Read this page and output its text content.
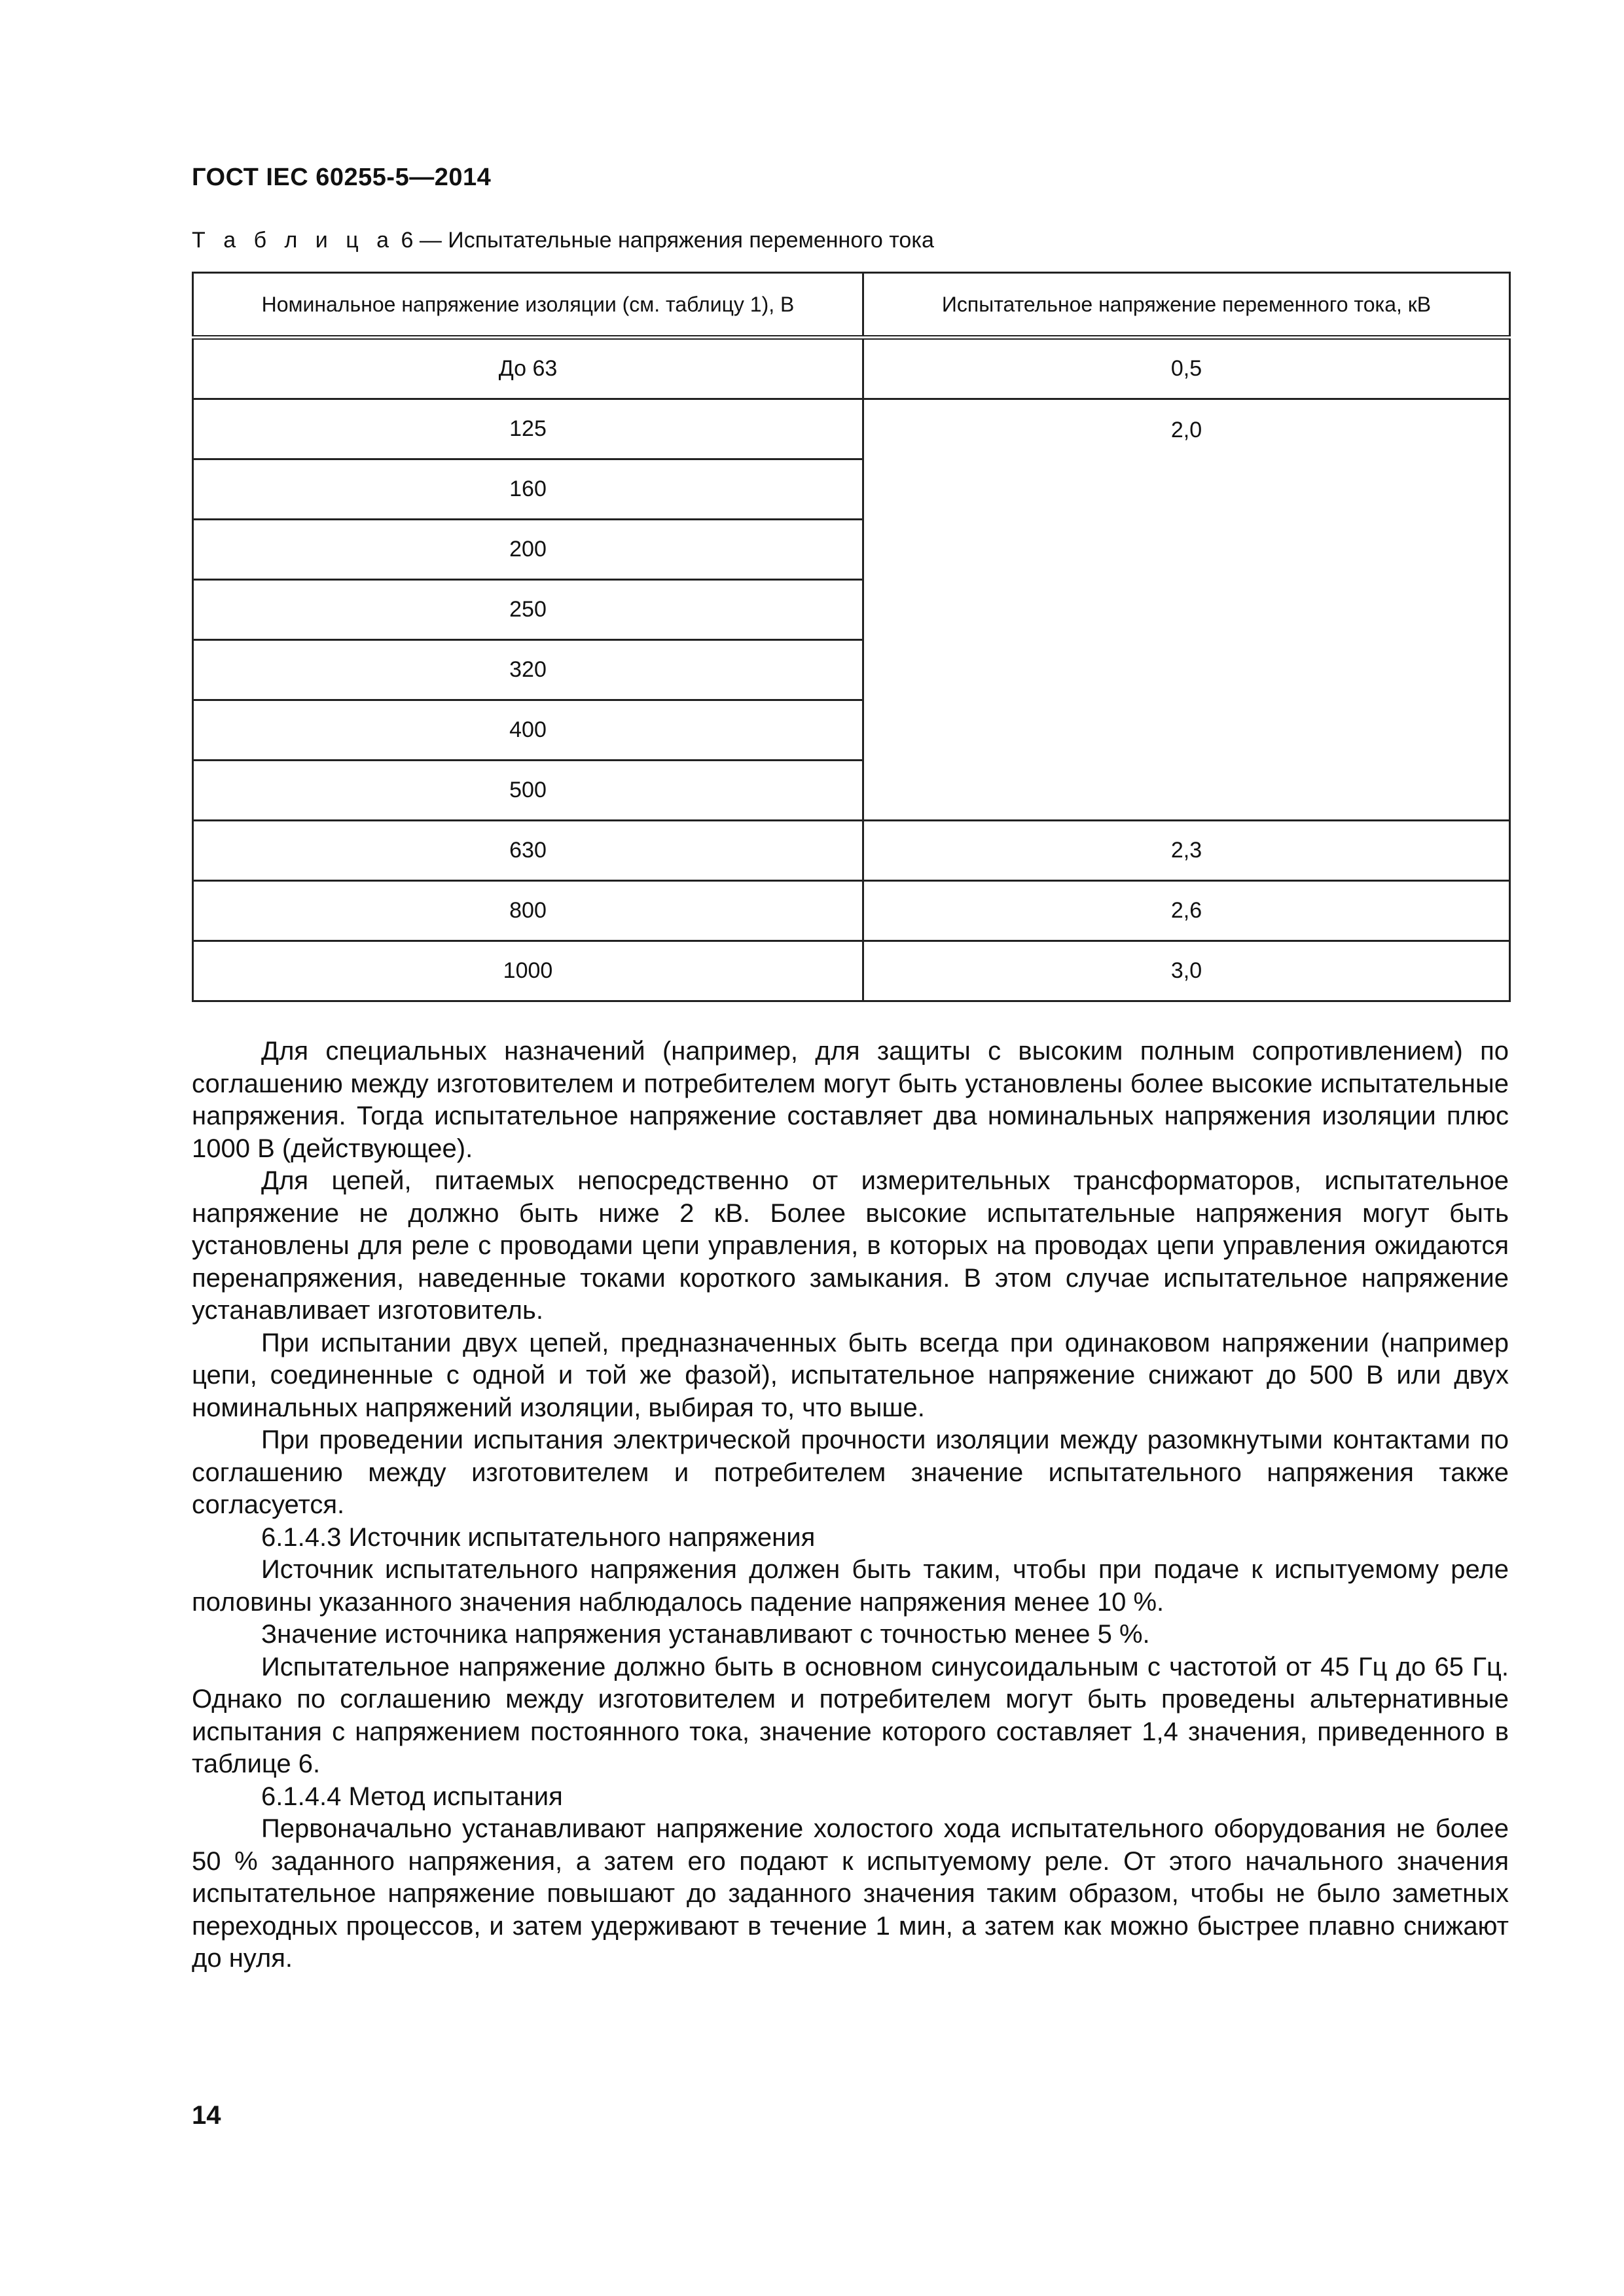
ГОСТ IEC 60255-5—2014
Т а б л и ц а 6 — Испытательные напряжения переменного тока
Номинальное напряжение изоляции (см. таблицу 1), В	Испытательное напряжение переменного тока, кВ
До 63	0,5
125	2,0
160	
200	
250	
320	
400	
500	
630	2,3
800	2,6
1000	3,0

Для специальных назначений (например, для защиты с высоким полным сопротивлением) по соглашению между изготовителем и потребителем могут быть установлены более высокие испытательные напряжения. Тогда испытательное напряжение составляет два номинальных напряжения изоляции плюс 1000 В (действующее).

Для цепей, питаемых непосредственно от измерительных трансформаторов, испытательное напряжение не должно быть ниже 2 кВ. Более высокие испытательные напряжения могут быть установлены для реле с проводами цепи управления, в которых на проводах цепи управления ожидаются перенапряжения, наведенные токами короткого замыкания. В этом случае испытательное напряжение устанавливает изготовитель.

При испытании двух цепей, предназначенных быть всегда при одинаковом напряжении (например цепи, соединенные с одной и той же фазой), испытательное напряжение снижают до 500 В или двух номинальных напряжений изоляции, выбирая то, что выше.

При проведении испытания электрической прочности изоляции между разомкнутыми контактами по соглашению между изготовителем и потребителем значение испытательного напряжения также согласуется.

6.1.4.3 Источник испытательного напряжения

Источник испытательного напряжения должен быть таким, чтобы при подаче к испытуемому реле половины указанного значения наблюдалось падение напряжения менее 10 %.

Значение источника напряжения устанавливают с точностью менее 5 %.

Испытательное напряжение должно быть в основном синусоидальным с частотой от 45 Гц до 65 Гц. Однако по соглашению между изготовителем и потребителем могут быть проведены альтернативные испытания с напряжением постоянного тока, значение которого составляет 1,4 значения, приведенного в таблице 6.

6.1.4.4 Метод испытания

Первоначально устанавливают напряжение холостого хода испытательного оборудования не более 50 % заданного напряжения, а затем его подают к испытуемому реле. От этого начального значения испытательное напряжение повышают до заданного значения таким образом, чтобы не было заметных переходных процессов, и затем удерживают в течение 1 мин, а затем как можно быстрее плавно снижают до нуля.

14
